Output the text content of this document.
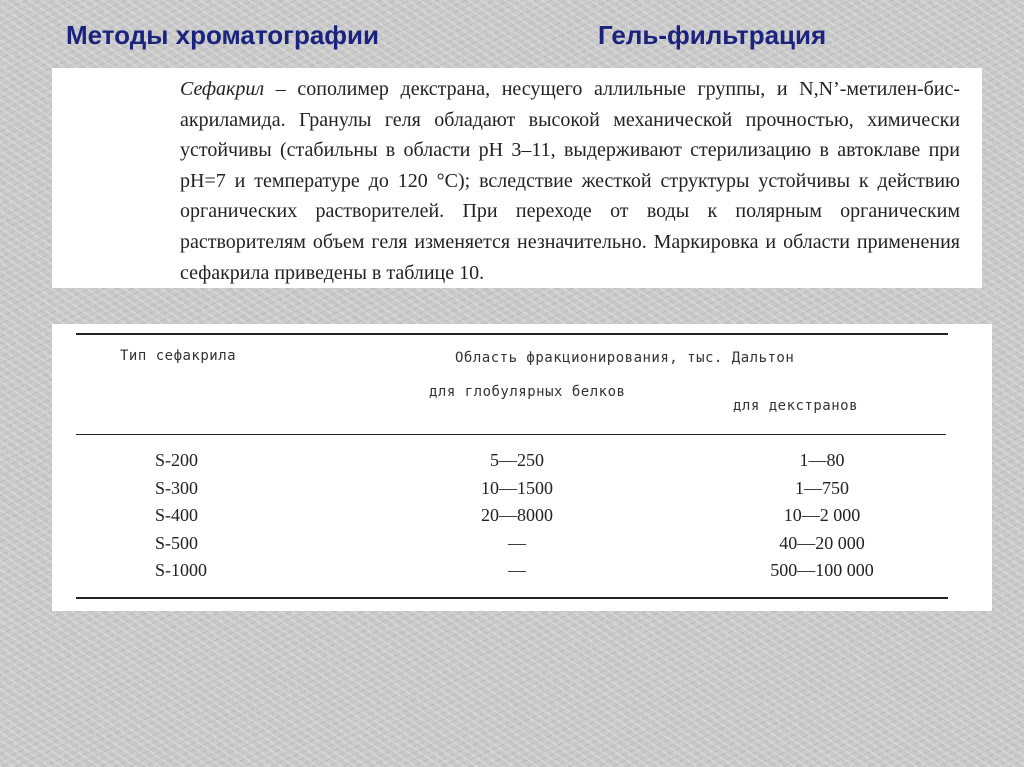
Методы хроматографии	Гель-фильтрация

Сефакрил – сополимер декстрана, несущего аллильные группы, и N,N’-метилен-бис-акриламида. Гранулы геля обладают высокой механической прочностью, химически устойчивы (стабильны в области pH 3–11, выдерживают стерилизацию в автоклаве при pH=7 и температуре до 120 °C); вследствие жесткой структуры устойчивы к действию органических растворителей. При переходе от воды к полярным органическим растворителям объем геля изменяется незначительно. Маркировка и области применения сефакрила приведены в таблице 10.

Тип сефакрила	Область фракционирования, тыс. Дальтон
для глобулярных белков
для декстранов
S-200
S-300
S-400
S-500
S-1000
5—250
10—1500
20—8000
—
—
1—80
1—750
10—2 000
40—20 000
500—100 000
